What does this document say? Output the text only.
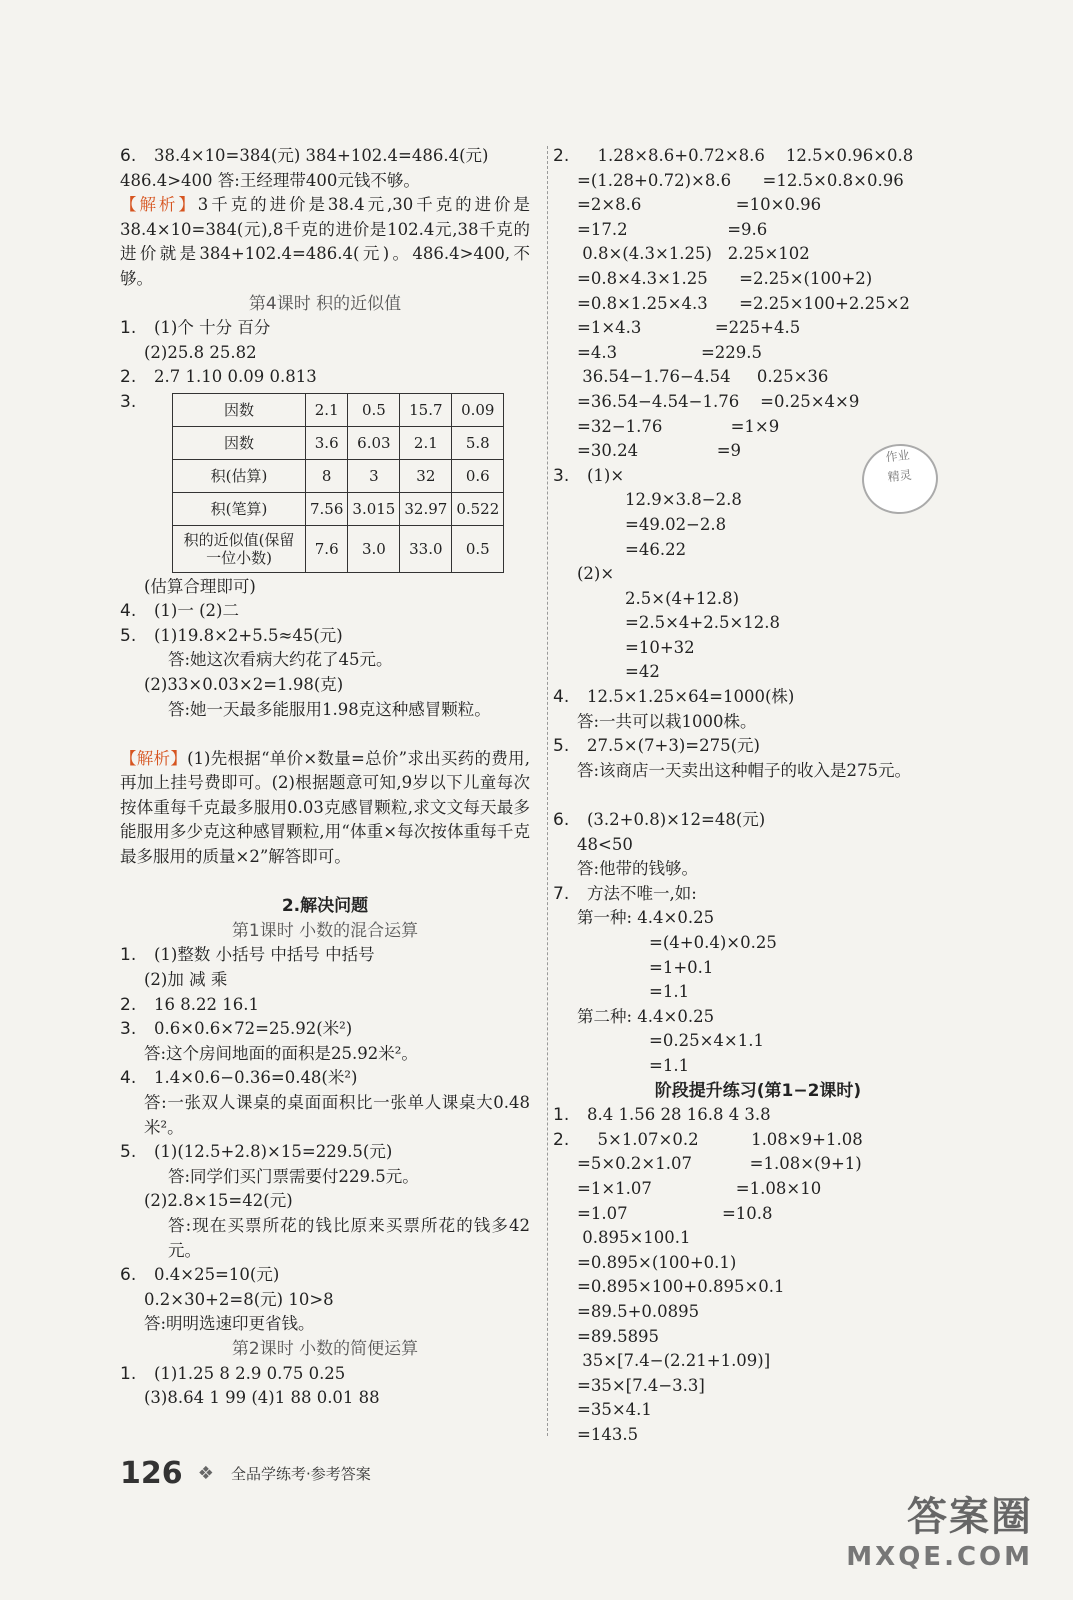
6. 38.4×10=384(元) 384+102.4=486.4(元)
486.4>400 答:王经理带400元钱不够。
【解析】3千克的进价是38.4元,30千克的进价是38.4×10=384(元),8千克的进价是102.4元,38千克的进价就是384+102.4=486.4(元)。486.4>400,不够。
第4课时 积的近似值
1. (1)个 十分 百分
(2)25.8 25.82
2. 2.7 1.10 0.09 0.813
3.	因数	2.1	0.5	15.7	0.09
因数	3.6	6.03	2.1	5.8
积(估算)	8	3	32	0.6
积(笔算)	7.56	3.015	32.97	0.522
积的近似值(保留一位小数)	7.6	3.0	33.0	0.5
(估算合理即可)
4. (1)一 (2)二
5. (1)19.8×2+5.5≈45(元)
答:她这次看病大约花了45元。
(2)33×0.03×2=1.98(克)
答:她一天最多能服用1.98克这种感冒颗粒。
【解析】(1)先根据“单价×数量=总价”求出买药的费用,再加上挂号费即可。(2)根据题意可知,9岁以下儿童每次按体重每千克最多服用0.03克感冒颗粒,求文文每天最多能服用多少克这种感冒颗粒,用“体重×每次按体重每千克最多服用的质量×2”解答即可。
2.解决问题
第1课时 小数的混合运算
1. (1)整数 小括号 中括号 中括号
(2)加 减 乘
2. 16 8.22 16.1
3. 0.6×0.6×72=25.92(米²)
答:这个房间地面的面积是25.92米²。
4. 1.4×0.6−0.36=0.48(米²)
答:一张双人课桌的桌面面积比一张单人课桌大0.48米²。
5. (1)(12.5+2.8)×15=229.5(元)
答:同学们买门票需要付229.5元。
(2)2.8×15=42(元)
答:现在买票所花的钱比原来买票所花的钱多42元。
6. 0.4×25=10(元)
0.2×30+2=8(元) 10>8
答:明明选速印更省钱。
第2课时 小数的简便运算
1. (1)1.25 8 2.9 0.75 0.25
(3)8.64 1 99 (4)1 88 0.01 88
2.  1.28×8.6+0.72×8.6    12.5×0.96×0.8
=(1.28+0.72)×8.6      =12.5×0.8×0.96
=2×8.6                  =10×0.96
=17.2                   =9.6
0.8×(4.3×1.25)   2.25×102
=0.8×4.3×1.25      =2.25×(100+2)
=0.8×1.25×4.3      =2.25×100+2.25×2
=1×4.3              =225+4.5
=4.3                =229.5
36.54−1.76−4.54     0.25×36
=36.54−4.54−1.76    =0.25×4×9
=32−1.76             =1×9
=30.24               =9
3. (1)×
12.9×3.8−2.8
=49.02−2.8
=46.22
(2)×
2.5×(4+12.8)
=2.5×4+2.5×12.8
=10+32
=42
4. 12.5×1.25×64=1000(株)
答:一共可以栽1000株。
5. 27.5×(7+3)=275(元)
答:该商店一天卖出这种帽子的收入是275元。
6. (3.2+0.8)×12=48(元)
48<50
答:他带的钱够。
7. 方法不唯一,如:
第一种: 4.4×0.25
=(4+0.4)×0.25
=1+0.1
=1.1
第二种: 4.4×0.25
=0.25×4×1.1
=1.1
阶段提升练习(第1−2课时)
1. 8.4 1.56 28 16.8 4 3.8
2.  5×1.07×0.2          1.08×9+1.08
=5×0.2×1.07           =1.08×(9+1)
=1×1.07                =1.08×10
=1.07                  =10.8
0.895×100.1
=0.895×(100+0.1)
=0.895×100+0.895×0.1
=89.5+0.0895
=89.5895
35×[7.4−(2.21+1.09)]
=35×[7.4−3.3]
=35×4.1
=143.5
作业
精灵
126 ❖ 全品学练考·参考答案
答案圈
MXQE.COM
